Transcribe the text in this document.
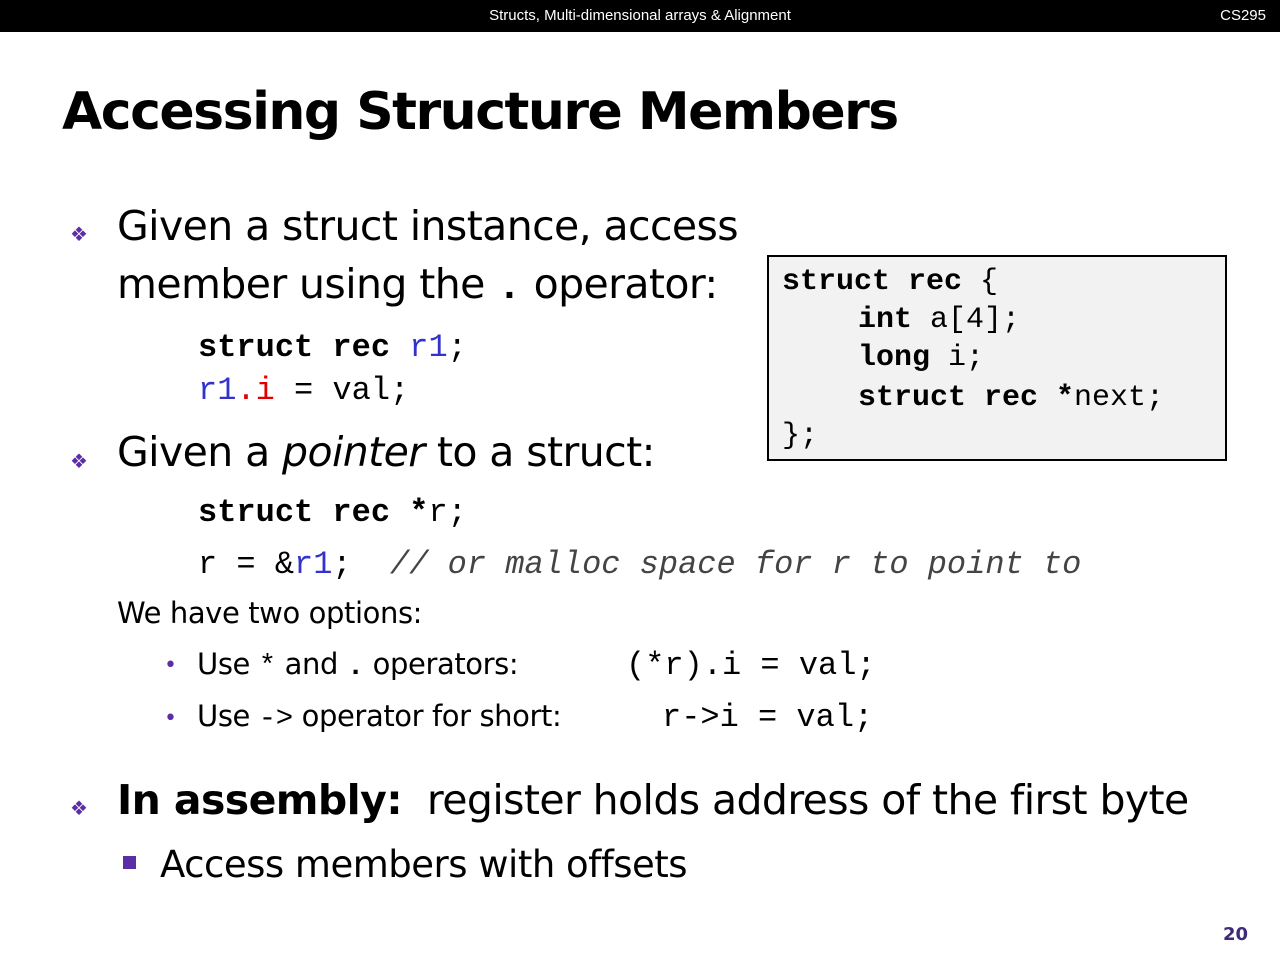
Structs, Multi-dimensional arrays & Alignment	CS295
Accessing Structure Members
❖ Given a struct instance, access
member using the . operator:
struct rec r1;
r1.i = val;
❖ Given a pointer to a struct:
struct rec *r;
r = &r1;  // or malloc space for r to point to
We have two options:
• Use * and . operators:	(*r).i = val;
• Use -> operator for short:	r->i = val;
❖ In assembly:  register holds address of the first byte
Access members with offsets
struct rec {
int a[4];
long i;
struct rec *next;
};
20
